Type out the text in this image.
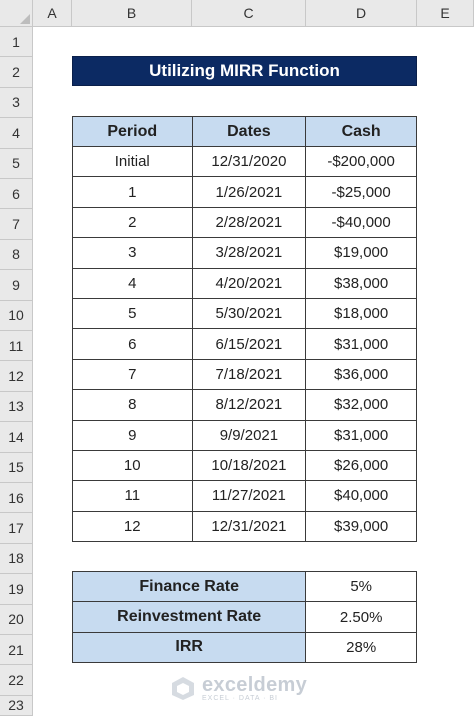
A	B	C	D	E
1
2
3
4
5
6
7
8
9
10
11
12
13
14
15
16
17
18
19
20
21
22
23
Utilizing MIRR Function
Period	Dates	Cash
Initial	12/31/2020	-$200,000
1	1/26/2021	-$25,000
2	2/28/2021	-$40,000
3	3/28/2021	$19,000
4	4/20/2021	$38,000
5	5/30/2021	$18,000
6	6/15/2021	$31,000
7	7/18/2021	$36,000
8	8/12/2021	$32,000
9	9/9/2021	$31,000
10	10/18/2021	$26,000
11	11/27/2021	$40,000
12	12/31/2021	$39,000
Finance Rate	5%
Reinvestment Rate	2.50%
IRR	28%
exceldemy
EXCEL · DATA · BI
